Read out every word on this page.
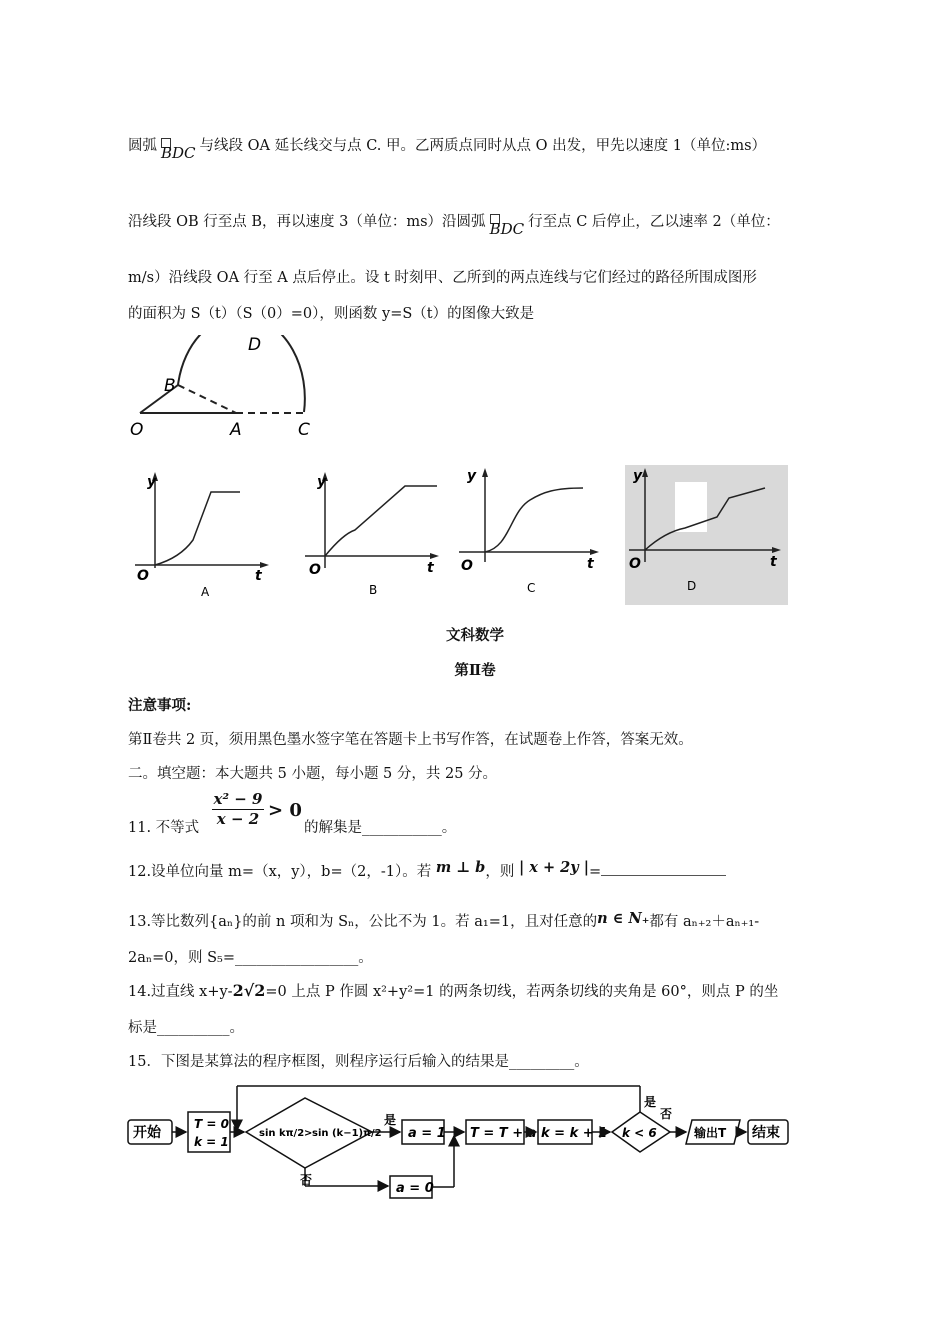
圆弧 BDC 与线段 OA 延长线交与点 C. 甲。乙两质点同时从点 O 出发，甲先以速度 1（单位:ms）
沿线段 OB 行至点 B，再以速度 3（单位：ms）沿圆弧 BDC 行至点 C 后停止，乙以速率 2（单位：
m/s）沿线段 OA 行至 A 点后停止。设 t 时刻甲、乙所到的两点连线与它们经过的路径所围成图形
的面积为 S（t）（S（0）=0），则函数 y=S（t）的图像大致是
O	A	C
B
D
y
t
O
A
y
t
O
B
y
t
O
C
y
t
O
D
文科数学
第Ⅱ卷
注意事项:
第Ⅱ卷共 2 页，须用黑色墨水签字笔在答题卡上书写作答，在试题卷上作答，答案无效。
二。填空题：本大题共 5 小题，每小题 5 分，共 25 分。
11. 不等式 $\frac{\text{x² − 9}}{x - 2} > 0$
的解集是___________。
12.设单位向量 m=（x，y），b=（2，-1）。若 m ⊥ b，则 | x + 2y |=
13.等比数列{aₙ}的前 n 项和为 Sₙ，公比不为 1。若 a₁=1，且对任意的n ∈ N₊都有 aₙ₊₂＋aₙ₊₁-
2aₙ=0，则 S₅=_________________。
14.过直线 x+y-2√2=0 上点 P 作圆 x²+y²=1 的两条切线，若两条切线的夹角是 60°，则点 P 的坐
标是__________。
15．下图是某算法的程序框图，则程序运行后输入的结果是_________。
开始
T = 0
k = 1
sin kπ/2 > sin (k−1)π/2
是
否
a = 0
a = 1 T = T + a k = k + 1 k < 6
是
否
输出T 结束
